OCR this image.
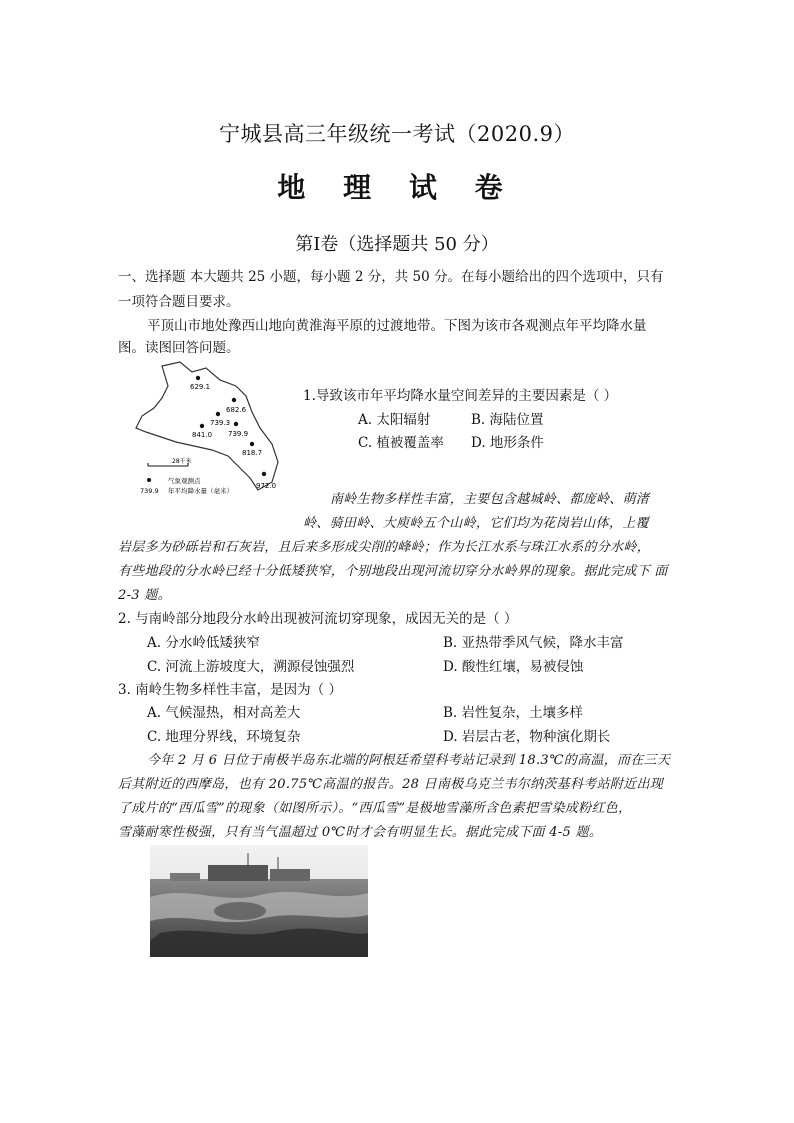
宁城县高三年级统一考试（2020.9）
地 理 试 卷
第Ⅰ卷（选择题共 50 分）
一、选择题 本大题共 25 小题，每小题 2 分，共 50 分。在每小题给出的四个选项中，只有
一项符合题目要求。
平顶山市地处豫西山地向黄淮海平原的过渡地带。下图为该市各观测点年平均降水量
图。读图回答问题。
629.1
682.6
739.3
841.0 739.9
818.7
972.0
28千米
气象观测点
739.9 年平均降水量（毫米）
1.导致该市年平均降水量空间差异的主要因素是（ ）
A. 太阳辐射	B. 海陆位置
C. 植被覆盖率 D. 地形条件
南岭生物多样性丰富，主要包含越城岭、都庞岭、萌渚
岭、骑田岭、大庾岭五个山岭，它们均为花岗岩山体，上覆
岩层多为砂砾岩和石灰岩，且后来多形成尖削的峰岭；作为长江水系与珠江水系的分水岭，
有些地段的分水岭已经十分低矮狭窄，个别地段出现河流切穿分水岭界的现象。据此完成下 面
2-3 题。
2. 与南岭部分地段分水岭出现被河流切穿现象，成因无关的是（ ）
A. 分水岭低矮狭窄	B. 亚热带季风气候，降水丰富
C. 河流上游坡度大，溯源侵蚀强烈	D. 酸性红壤，易被侵蚀
3. 南岭生物多样性丰富，是因为（ ）
A. 气候湿热，相对高差大	B. 岩性复杂，土壤多样
C. 地理分界线，环境复杂	D. 岩层古老，物种演化期长
今年 2 月 6 日位于南极半岛东北端的阿根廷希望科考站记录到 18.3℃的高温，而在三天
后其附近的西摩岛，也有 20.75℃高温的报告。28 日南极乌克兰韦尔纳茨基科考站附近出现
了成片的“西瓜雪”的现象（如图所示）。“西瓜雪”是极地雪藻所含色素把雪染成粉红色，
雪藻耐寒性极强，只有当气温超过 0℃时才会有明显生长。据此完成下面 4-5 题。
